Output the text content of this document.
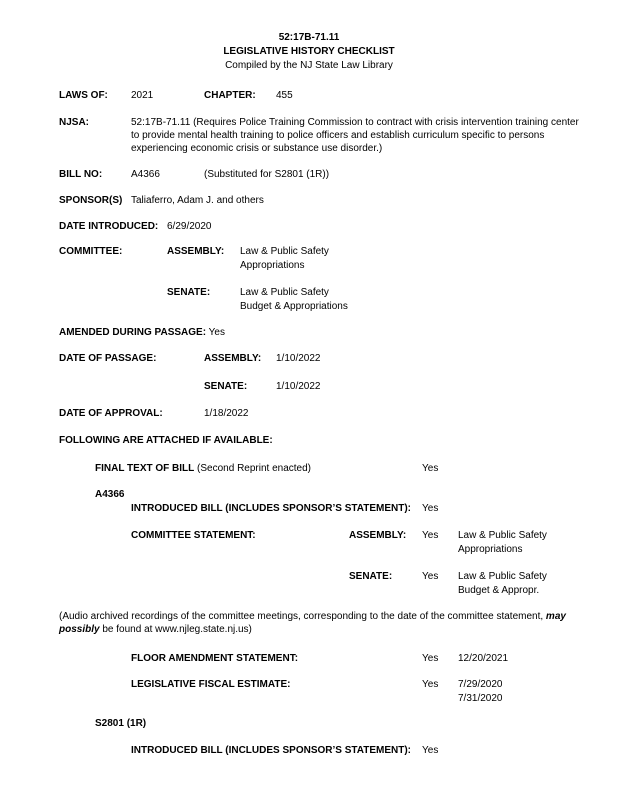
52:17B-71.11
LEGISLATIVE HISTORY CHECKLIST
Compiled by the NJ State Law Library
LAWS OF: 2021	CHAPTER: 455
NJSA:	52:17B-71.11 (Requires Police Training Commission to contract with crisis intervention training center
to provide mental health training to police officers and establish curriculum specific to persons
experiencing economic crisis or substance use disorder.)
BILL NO:	A4366	(Substituted for S2801 (1R))
SPONSOR(S) Taliaferro, Adam J. and others
DATE INTRODUCED: 6/29/2020
COMMITTEE:	ASSEMBLY: Law & Public Safety
Appropriations
SENATE:	Law & Public Safety
Budget & Appropriations
AMENDED DURING PASSAGE: Yes
DATE OF PASSAGE:	ASSEMBLY: 1/10/2022
SENATE:	1/10/2022
DATE OF APPROVAL:	1/18/2022
FOLLOWING ARE ATTACHED IF AVAILABLE:
FINAL TEXT OF BILL (Second Reprint enacted)	Yes
A4366
INTRODUCED BILL (INCLUDES SPONSOR’S STATEMENT): Yes
COMMITTEE STATEMENT:	ASSEMBLY: Yes Law & Public Safety
Appropriations
SENATE:	Yes Law & Public Safety
Budget & Appropr.
(Audio archived recordings of the committee meetings, corresponding to the date of the committee statement, may possibly be found at www.njleg.state.nj.us)
FLOOR AMENDMENT STATEMENT:	Yes 12/20/2021
LEGISLATIVE FISCAL ESTIMATE:	Yes 7/29/2020
7/31/2020
S2801 (1R)
INTRODUCED BILL (INCLUDES SPONSOR’S STATEMENT): Yes
